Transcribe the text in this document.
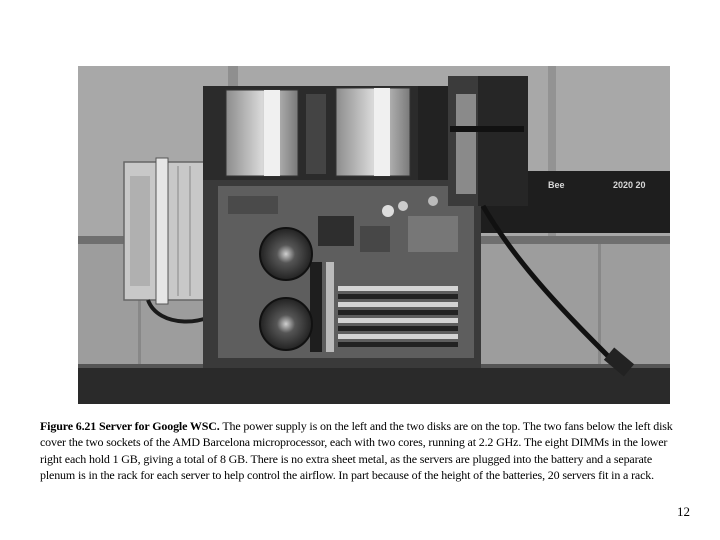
Bee	2020 20
Figure 6.21 Server for Google WSC. The power supply is on the left and the two disks are on the top. The two fans below the left disk cover the two sockets of the AMD Barcelona microprocessor, each with two cores, running at 2.2 GHz. The eight DIMMs in the lower right each hold 1 GB, giving a total of 8 GB. There is no extra sheet metal, as the servers are plugged into the battery and a separate plenum is in the rack for each server to help control the airflow. In part because of the height of the batteries, 20 servers fit in a rack.
12
